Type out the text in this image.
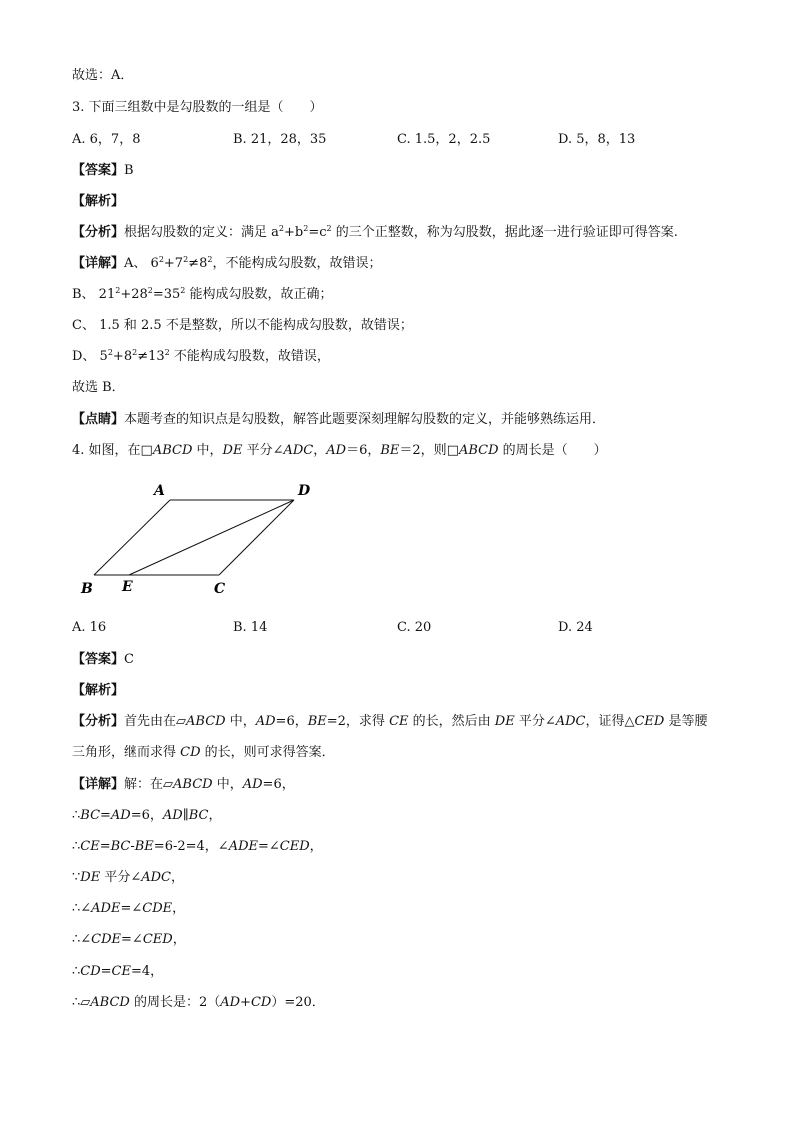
故选：A．
3. 下面三组数中是勾股数的一组是（　　）
A. 6，7，8	B. 21，28，35	C. 1.5，2，2.5	D. 5，8，13
【答案】B
【解析】
【分析】根据勾股数的定义：满足 $a^2+b^2=c^2$ 的三个正整数，称为勾股数，据此逐一进行验证即可得答案.
【详解】A、 $6^2+7^2\ne 8^2$，不能构成勾股数，故错误；
B、 $21^2+28^2=35^2$ 能构成勾股数，故正确；
C、 1.5 和 2.5 不是整数，所以不能构成勾股数，故错误；
D、 $5^2+8^2\ne 13^2$ 不能构成勾股数，故错误，
故选 B．
【点睛】本题考查的知识点是勾股数，解答此题要深刻理解勾股数的定义，并能够熟练运用．
4. 如图，在□ABCD 中，DE 平分∠ADC，AD＝6，BE＝2，则□ABCD 的周长是（　　）
A	D
B E	C
A. 16	B. 14	C. 20	D. 24
【答案】C
【解析】
【分析】首先由在▱ABCD 中，AD=6，BE=2，求得 CE 的长，然后由 DE 平分∠ADC，证得△CED 是等腰
三角形，继而求得 CD 的长，则可求得答案．
【详解】解：在▱ABCD 中，AD=6，
∴BC=AD=6，AD∥BC，
∴CE=BC-BE=6-2=4，∠ADE=∠CED，
∵DE 平分∠ADC，
∴∠ADE=∠CDE，
∴∠CDE=∠CED，
∴CD=CE=4，
∴▱ABCD 的周长是：2（AD+CD）=20．
